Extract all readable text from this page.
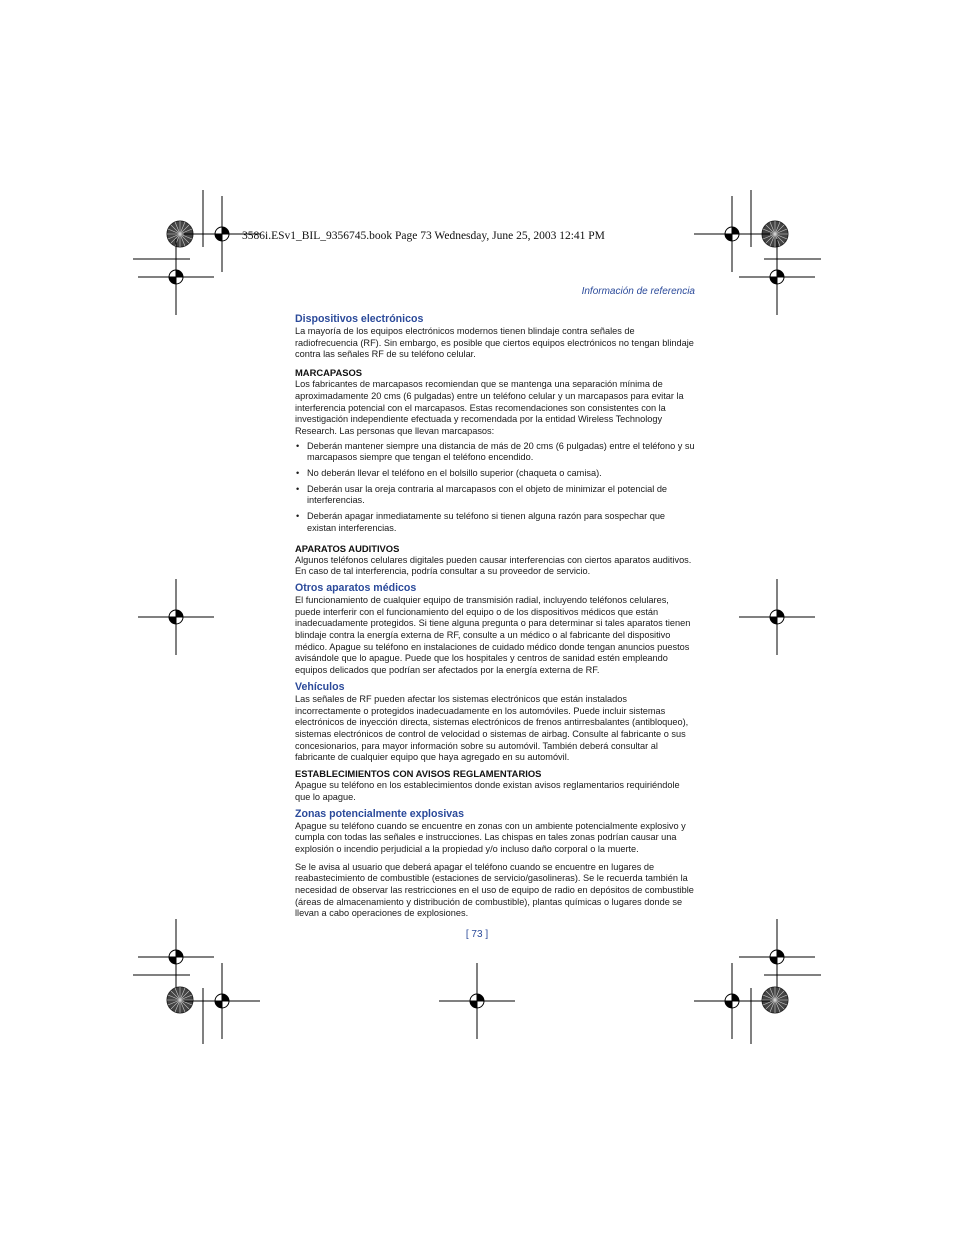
3586i.ESv1_BIL_9356745.book Page 73 Wednesday, June 25, 2003 12:41 PM
Información de referencia
Dispositivos electrónicos

La mayoría de los equipos electrónicos modernos tienen blindaje contra señales de radiofrecuencia (RF). Sin embargo, es posible que ciertos equipos electrónicos no tengan blindaje contra las señales RF de su teléfono celular.

MARCAPASOS

Los fabricantes de marcapasos recomiendan que se mantenga una separación mínima de aproximadamente 20 cms (6 pulgadas) entre un teléfono celular y un marcapasos para evitar la interferencia potencial con el marcapasos. Estas recomendaciones son consistentes con la investigación independiente efectuada y recomendada por la entidad Wireless Technology Research. Las personas que llevan marcapasos:

• Deberán mantener siempre una distancia de más de 20 cms (6 pulgadas) entre el teléfono y su marcapasos siempre que tengan el teléfono encendido.
• No deberán llevar el teléfono en el bolsillo superior (chaqueta o camisa).
• Deberán usar la oreja contraria al marcapasos con el objeto de minimizar el potencial de interferencias.
• Deberán apagar inmediatamente su teléfono si tienen alguna razón para sospechar que existan interferencias.
APARATOS AUDITIVOS

Algunos teléfonos celulares digitales pueden causar interferencias con ciertos aparatos auditivos. En caso de tal interferencia, podría consultar a su proveedor de servicio.

Otros aparatos médicos

El funcionamiento de cualquier equipo de transmisión radial, incluyendo teléfonos celulares, puede interferir con el funcionamiento del equipo o de los dispositivos médicos que están inadecuadamente protegidos. Si tiene alguna pregunta o para determinar si tales aparatos tienen blindaje contra la energía externa de RF, consulte a un médico o al fabricante del dispositivo médico. Apague su teléfono en instalaciones de cuidado médico donde tengan anuncios puestos avisándole que lo apague. Puede que los hospitales y centros de sanidad estén empleando equipos delicados que podrían ser afectados por la energía externa de RF.

Vehículos

Las señales de RF pueden afectar los sistemas electrónicos que están instalados incorrectamente o protegidos inadecuadamente en los automóviles. Puede incluir sistemas electrónicos de inyección directa, sistemas electrónicos de frenos antirresbalantes (antibloqueo), sistemas electrónicos de control de velocidad o sistemas de airbag. Consulte al fabricante o sus concesionarios, para mayor información sobre su automóvil. También deberá consultar al fabricante de cualquier equipo que haya agregado en su automóvil.

ESTABLECIMIENTOS CON AVISOS REGLAMENTARIOS

Apague su teléfono en los establecimientos donde existan avisos reglamentarios requiriéndole que lo apague.

Zonas potencialmente explosivas

Apague su teléfono cuando se encuentre en zonas con un ambiente potencialmente explosivo y cumpla con todas las señales e instrucciones. Las chispas en tales zonas podrían causar una explosión o incendio perjudicial a la propiedad y/o incluso daño corporal o la muerte.

Se le avisa al usuario que deberá apagar el teléfono cuando se encuentre en lugares de reabastecimiento de combustible (estaciones de servicio/gasolineras). Se le recuerda también la necesidad de observar las restricciones en el uso de equipo de radio en depósitos de combustible (áreas de almacenamiento y distribución de combustible), plantas químicas o lugares donde se llevan a cabo operaciones de explosiones.

[ 73 ]
